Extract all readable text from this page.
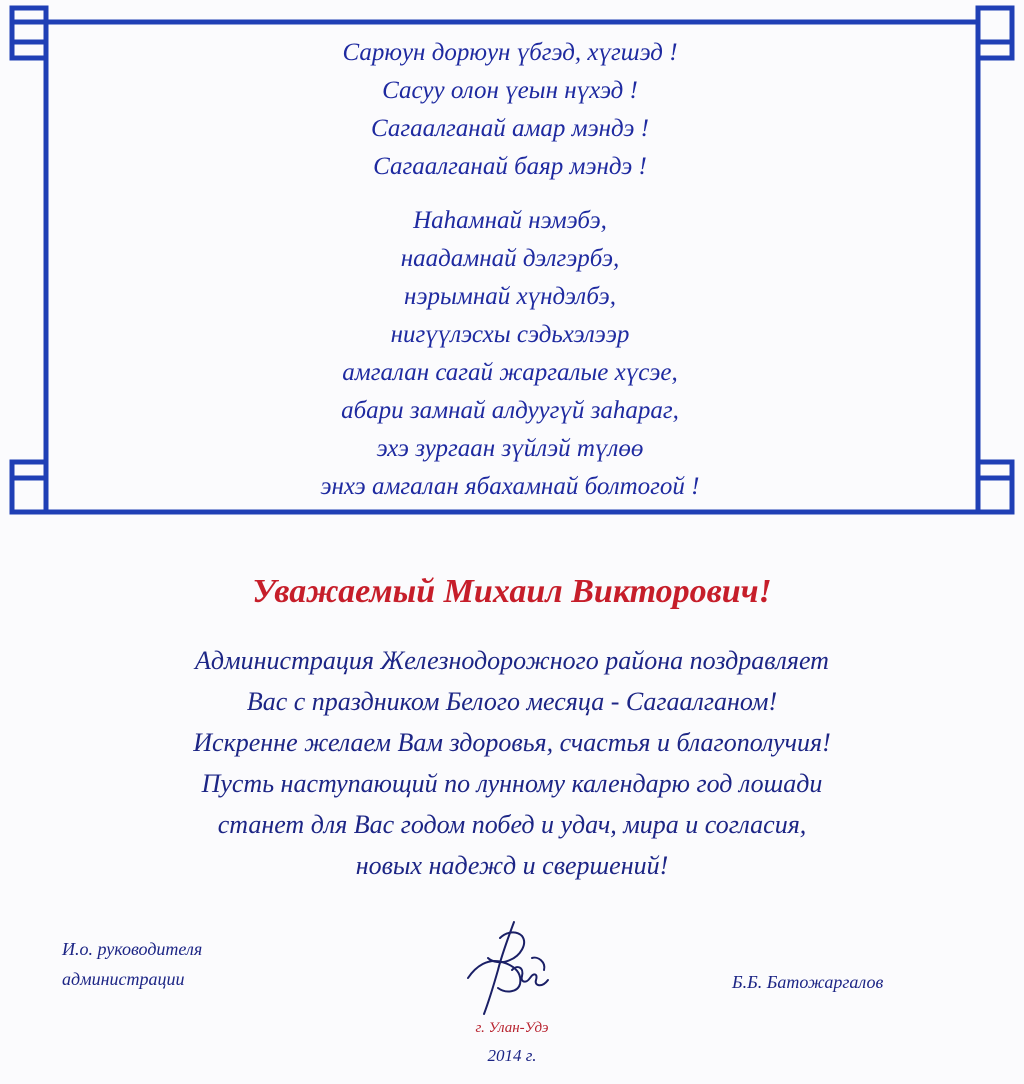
Сарюун дорюун үбгэд, хүгшэд !
Сасуу олон үеын нүхэд !
Сагаалганай амар мэндэ !
Сагаалганай баяр мэндэ !
Наһамнай нэмэбэ,
наадамнай дэлгэрбэ,
нэрымнай хүндэлбэ,
нигүүлэсхы сэдьхэлээр
амгалан сагай жаргалые хүсэе,
абари замнай алдуугүй заһараг,
эхэ зургаан зүйлэй түлөө
энхэ амгалан ябахамнай болтогой !
Уважаемый Михаил Викторович!
Администрация Железнодорожного района поздравляет
Вас с праздником Белого месяца - Сагаалганом!
Искренне желаем Вам здоровья, счастья и благополучия!
Пусть наступающий по лунному календарю год лошади
станет для Вас годом побед и удач, мира и согласия,
новых надежд и свершений!
И.о. руководителя
администрации	Б.Б. Батожаргалов
г. Улан-Удэ
2014 г.
